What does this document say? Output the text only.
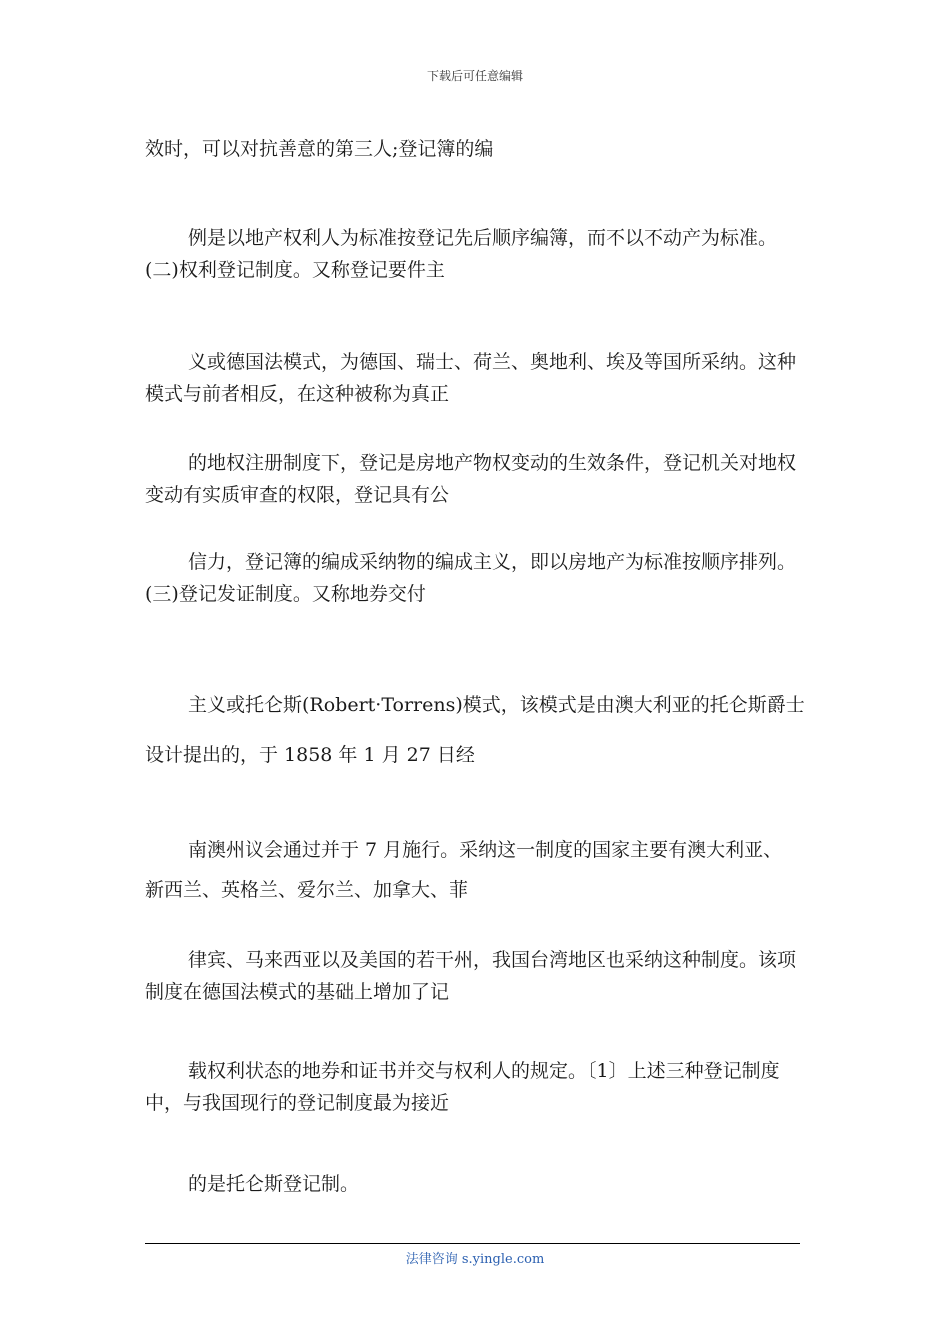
下载后可任意编辑

效时，可以对抗善意的第三人;登记簿的编

例是以地产权利人为标准按登记先后顺序编簿，而不以不动产为标准。(二)权利登记制度。又称登记要件主

义或德国法模式，为德国、瑞士、荷兰、奥地利、埃及等国所采纳。这种模式与前者相反，在这种被称为真正

的地权注册制度下，登记是房地产物权变动的生效条件，登记机关对地权变动有实质审查的权限，登记具有公

信力，登记簿的编成采纳物的编成主义，即以房地产为标准按顺序排列。(三)登记发证制度。又称地券交付

主义或托仑斯(Robert·Torrens)模式，该模式是由澳大利亚的托仑斯爵士设计提出的，于 1858 年 1 月 27 日经

南澳州议会通过并于 7 月施行。采纳这一制度的国家主要有澳大利亚、 新西兰、英格兰、爱尔兰、加拿大、菲

律宾、马来西亚以及美国的若干州，我国台湾地区也采纳这种制度。该项制度在德国法模式的基础上增加了记

载权利状态的地券和证书并交与权利人的规定。〔1〕上述三种登记制度中，与我国现行的登记制度最为接近

的是托仑斯登记制。

法律咨询 s.yingle.com
